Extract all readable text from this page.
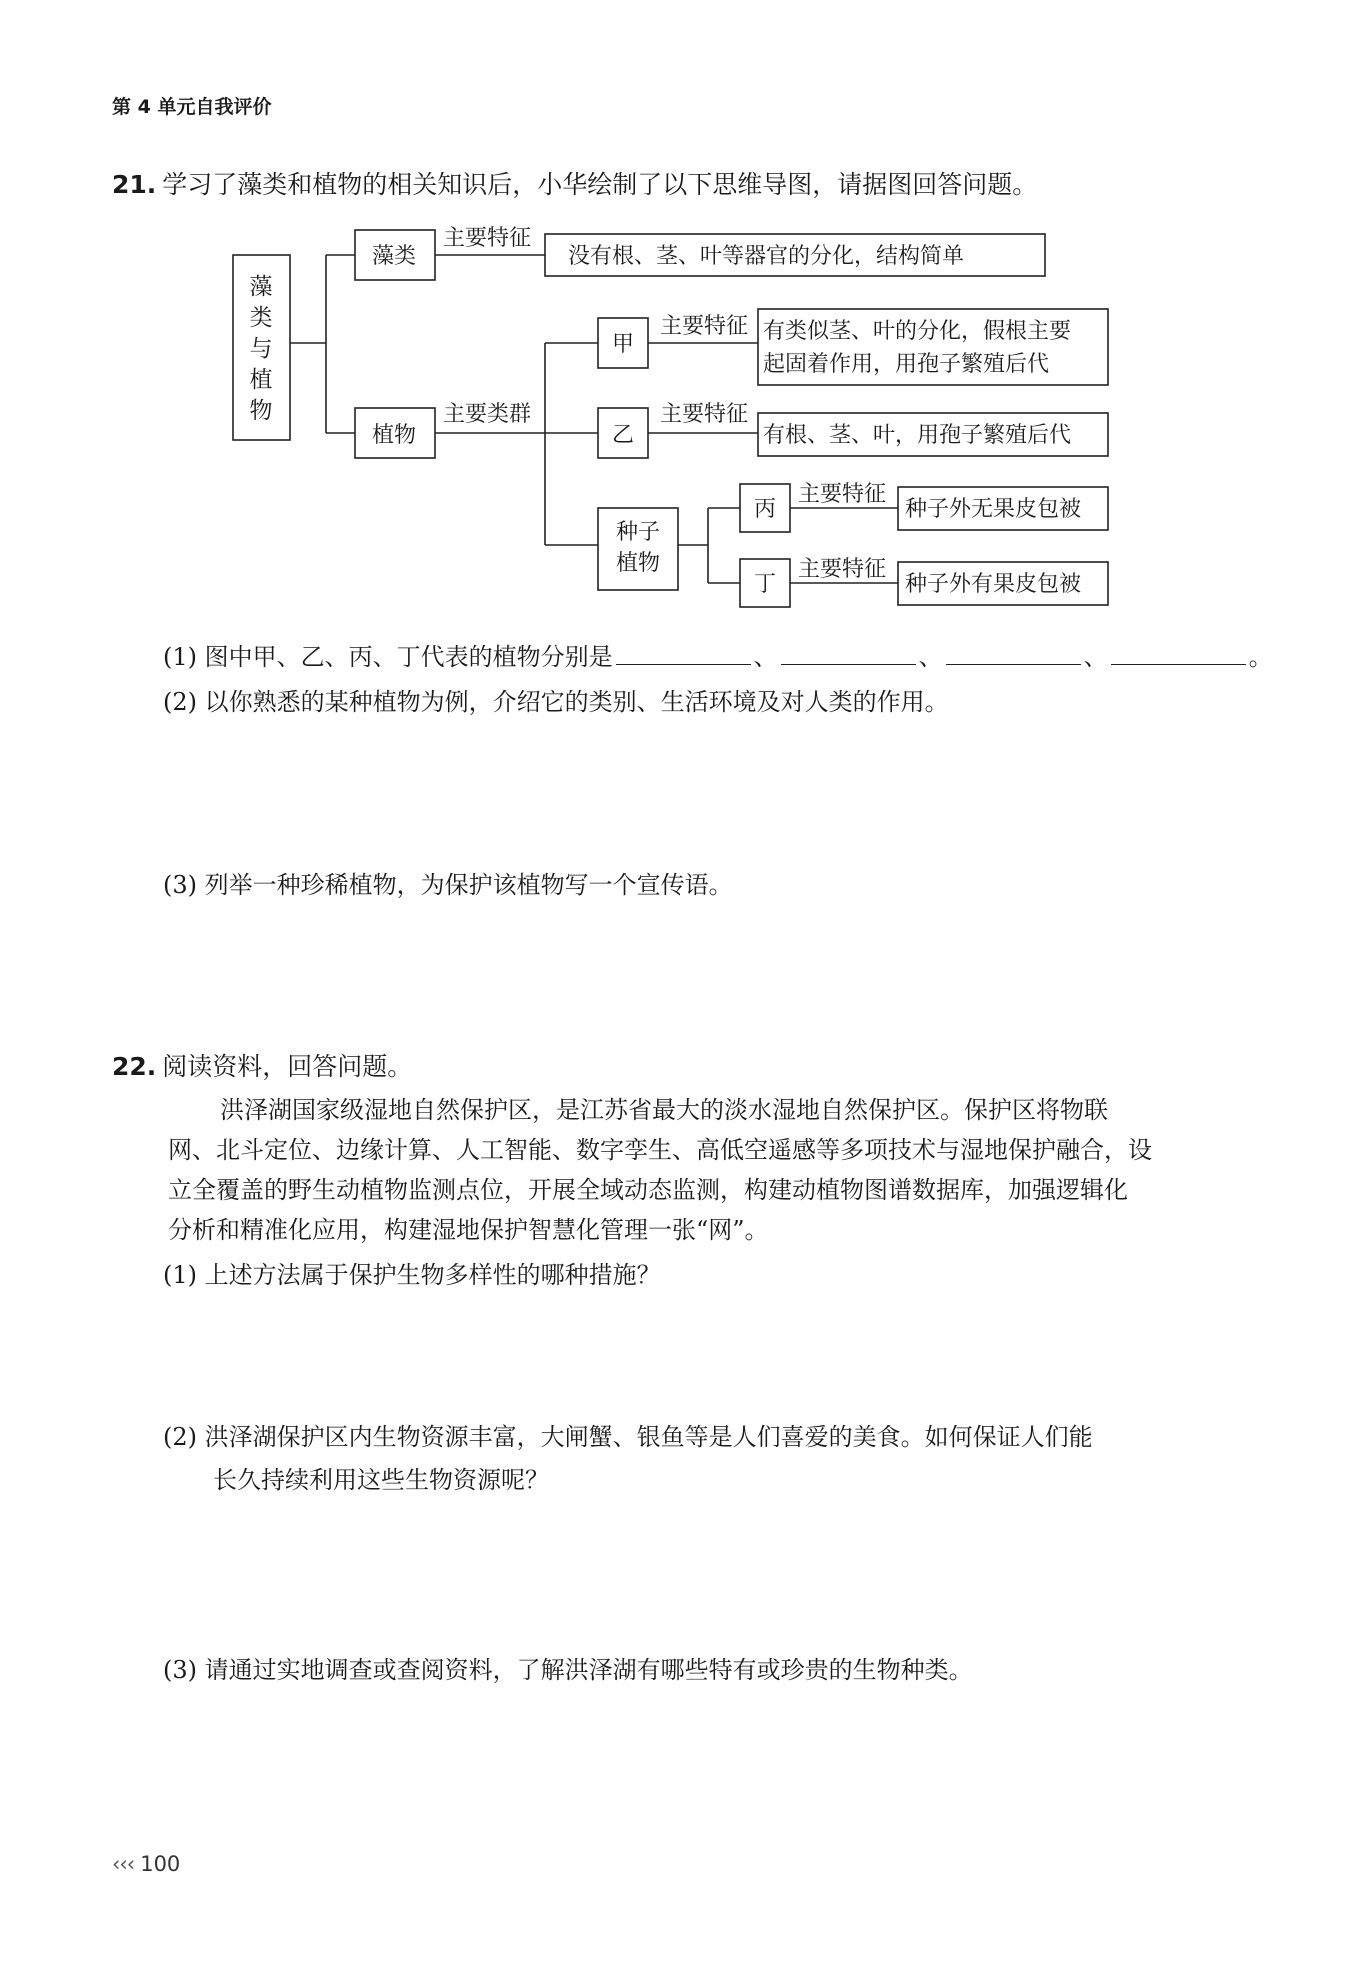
第 4 单元自我评价
21. 学习了藻类和植物的相关知识后，小华绘制了以下思维导图，请据图回答问题。
藻
类
与
植
物
藻类
主要特征
没有根、茎、叶等器官的分化，结构简单
植物
主要类群
甲
主要特征 有类似茎、叶的分化，假根主要
起固着作用，用孢子繁殖后代
乙
主要特征
有根、茎、叶，用孢子繁殖后代
种子
植物
丙
主要特征
种子外无果皮包被
丁
主要特征
种子外有果皮包被
(1) 图中甲、乙、丙、丁代表的植物分别是	、	、	、	。
(2) 以你熟悉的某种植物为例，介绍它的类别、生活环境及对人类的作用。
(3) 列举一种珍稀植物，为保护该植物写一个宣传语。
22. 阅读资料，回答问题。
洪泽湖国家级湿地自然保护区，是江苏省最大的淡水湿地自然保护区。保护区将物联
网、北斗定位、边缘计算、人工智能、数字孪生、高低空遥感等多项技术与湿地保护融合，设
立全覆盖的野生动植物监测点位，开展全域动态监测，构建动植物图谱数据库，加强逻辑化
分析和精准化应用，构建湿地保护智慧化管理一张“网”。
(1) 上述方法属于保护生物多样性的哪种措施？
(2) 洪泽湖保护区内生物资源丰富，大闸蟹、银鱼等是人们喜爱的美食。如何保证人们能
长久持续利用这些生物资源呢？
(3) 请通过实地调查或查阅资料，了解洪泽湖有哪些特有或珍贵的生物种类。
‹‹‹ 100
